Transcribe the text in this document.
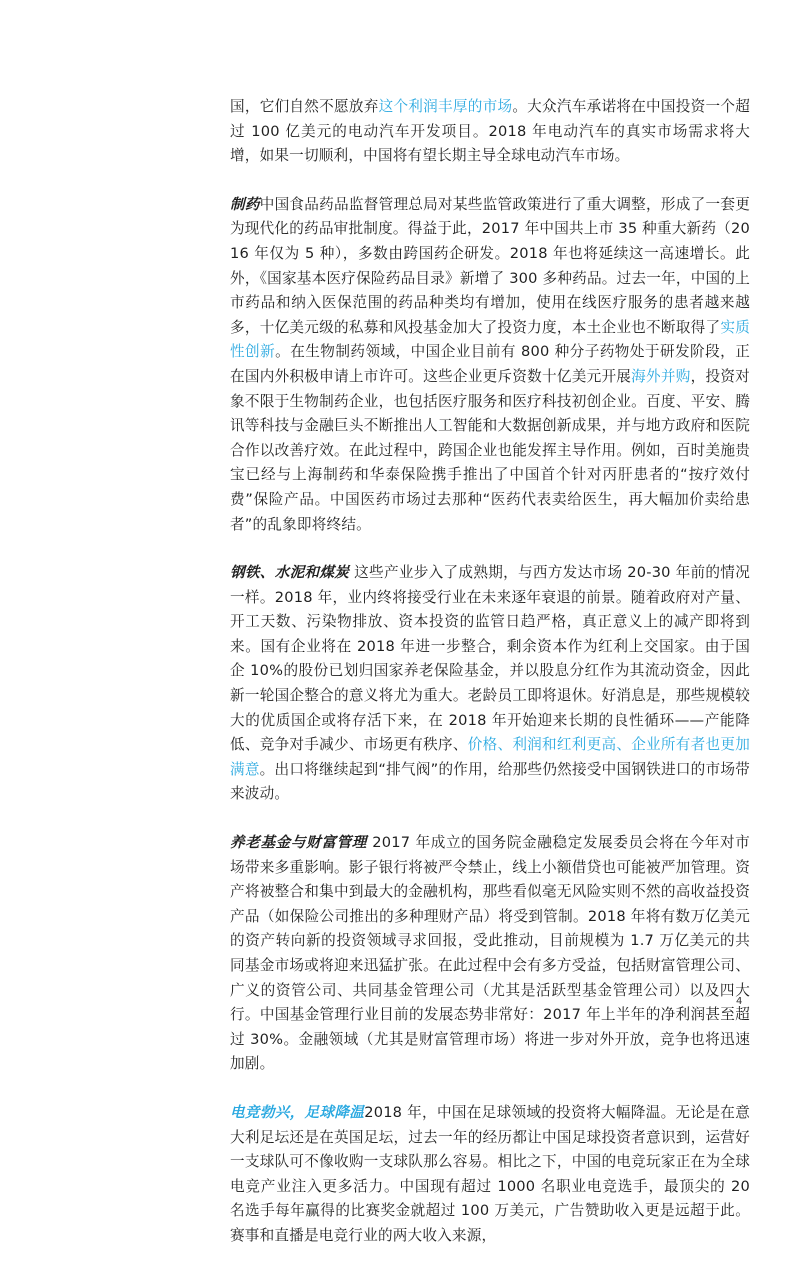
国，它们自然不愿放弃这个利润丰厚的市场。大众汽车承诺将在中国投资一个超过 100 亿美元的电动汽车开发项目。2018 年电动汽车的真实市场需求将大增，如果一切顺利，中国将有望长期主导全球电动汽车市场。

制药中国食品药品监督管理总局对某些监管政策进行了重大调整，形成了一套更为现代化的药品审批制度。得益于此，2017 年中国共上市 35 种重大新药（2016 年仅为 5 种），多数由跨国药企研发。2018 年也将延续这一高速增长。此外，《国家基本医疗保险药品目录》新增了 300 多种药品。过去一年，中国的上市药品和纳入医保范围的药品种类均有增加，使用在线医疗服务的患者越来越多，十亿美元级的私募和风投基金加大了投资力度，本土企业也不断取得了实质性创新。在生物制药领域，中国企业目前有 800 种分子药物处于研发阶段，正在国内外积极申请上市许可。这些企业更斥资数十亿美元开展海外并购，投资对象不限于生物制药企业，也包括医疗服务和医疗科技初创企业。百度、平安、腾讯等科技与金融巨头不断推出人工智能和大数据创新成果，并与地方政府和医院合作以改善疗效。在此过程中，跨国企业也能发挥主导作用。例如，百时美施贵宝已经与上海制药和华泰保险携手推出了中国首个针对丙肝患者的“按疗效付费”保险产品。中国医药市场过去那种“医药代表卖给医生，再大幅加价卖给患者”的乱象即将终结。

钢铁、水泥和煤炭 这些产业步入了成熟期，与西方发达市场 20-30 年前的情况一样。2018 年，业内终将接受行业在未来逐年衰退的前景。随着政府对产量、开工天数、污染物排放、资本投资的监管日趋严格，真正意义上的减产即将到来。国有企业将在 2018 年进一步整合，剩余资本作为红利上交国家。由于国企 10%的股份已划归国家养老保险基金，并以股息分红作为其流动资金，因此新一轮国企整合的意义将尤为重大。老龄员工即将退休。好消息是，那些规模较大的优质国企或将存活下来，在 2018 年开始迎来长期的良性循环——产能降低、竞争对手减少、市场更有秩序、价格、利润和红利更高、企业所有者也更加满意。出口将继续起到“排气阀”的作用，给那些仍然接受中国钢铁进口的市场带来波动。

养老基金与财富管理 2017 年成立的国务院金融稳定发展委员会将在今年对市场带来多重影响。影子银行将被严令禁止，线上小额借贷也可能被严加管理。资产将被整合和集中到最大的金融机构，那些看似毫无风险实则不然的高收益投资产品（如保险公司推出的多种理财产品）将受到管制。2018 年将有数万亿美元的资产转向新的投资领域寻求回报，受此推动，目前规模为 1.7 万亿美元的共同基金市场或将迎来迅猛扩张。在此过程中会有多方受益，包括财富管理公司、广义的资管公司、共同基金管理公司（尤其是活跃型基金管理公司）以及四大行。中国基金管理行业目前的发展态势非常好：2017 年上半年的净利润甚至超过 30%。金融领域（尤其是财富管理市场）将进一步对外开放，竞争也将迅速加剧。

电竞勃兴，足球降温2018 年，中国在足球领域的投资将大幅降温。无论是在意大利足坛还是在英国足坛，过去一年的经历都让中国足球投资者意识到，运营好一支球队可不像收购一支球队那么容易。相比之下，中国的电竞玩家正在为全球电竞产业注入更多活力。中国现有超过 1000 名职业电竞选手，最顶尖的 20 名选手每年赢得的比赛奖金就超过 100 万美元，广告赞助收入更是远超于此。赛事和直播是电竞行业的两大收入来源，

4
